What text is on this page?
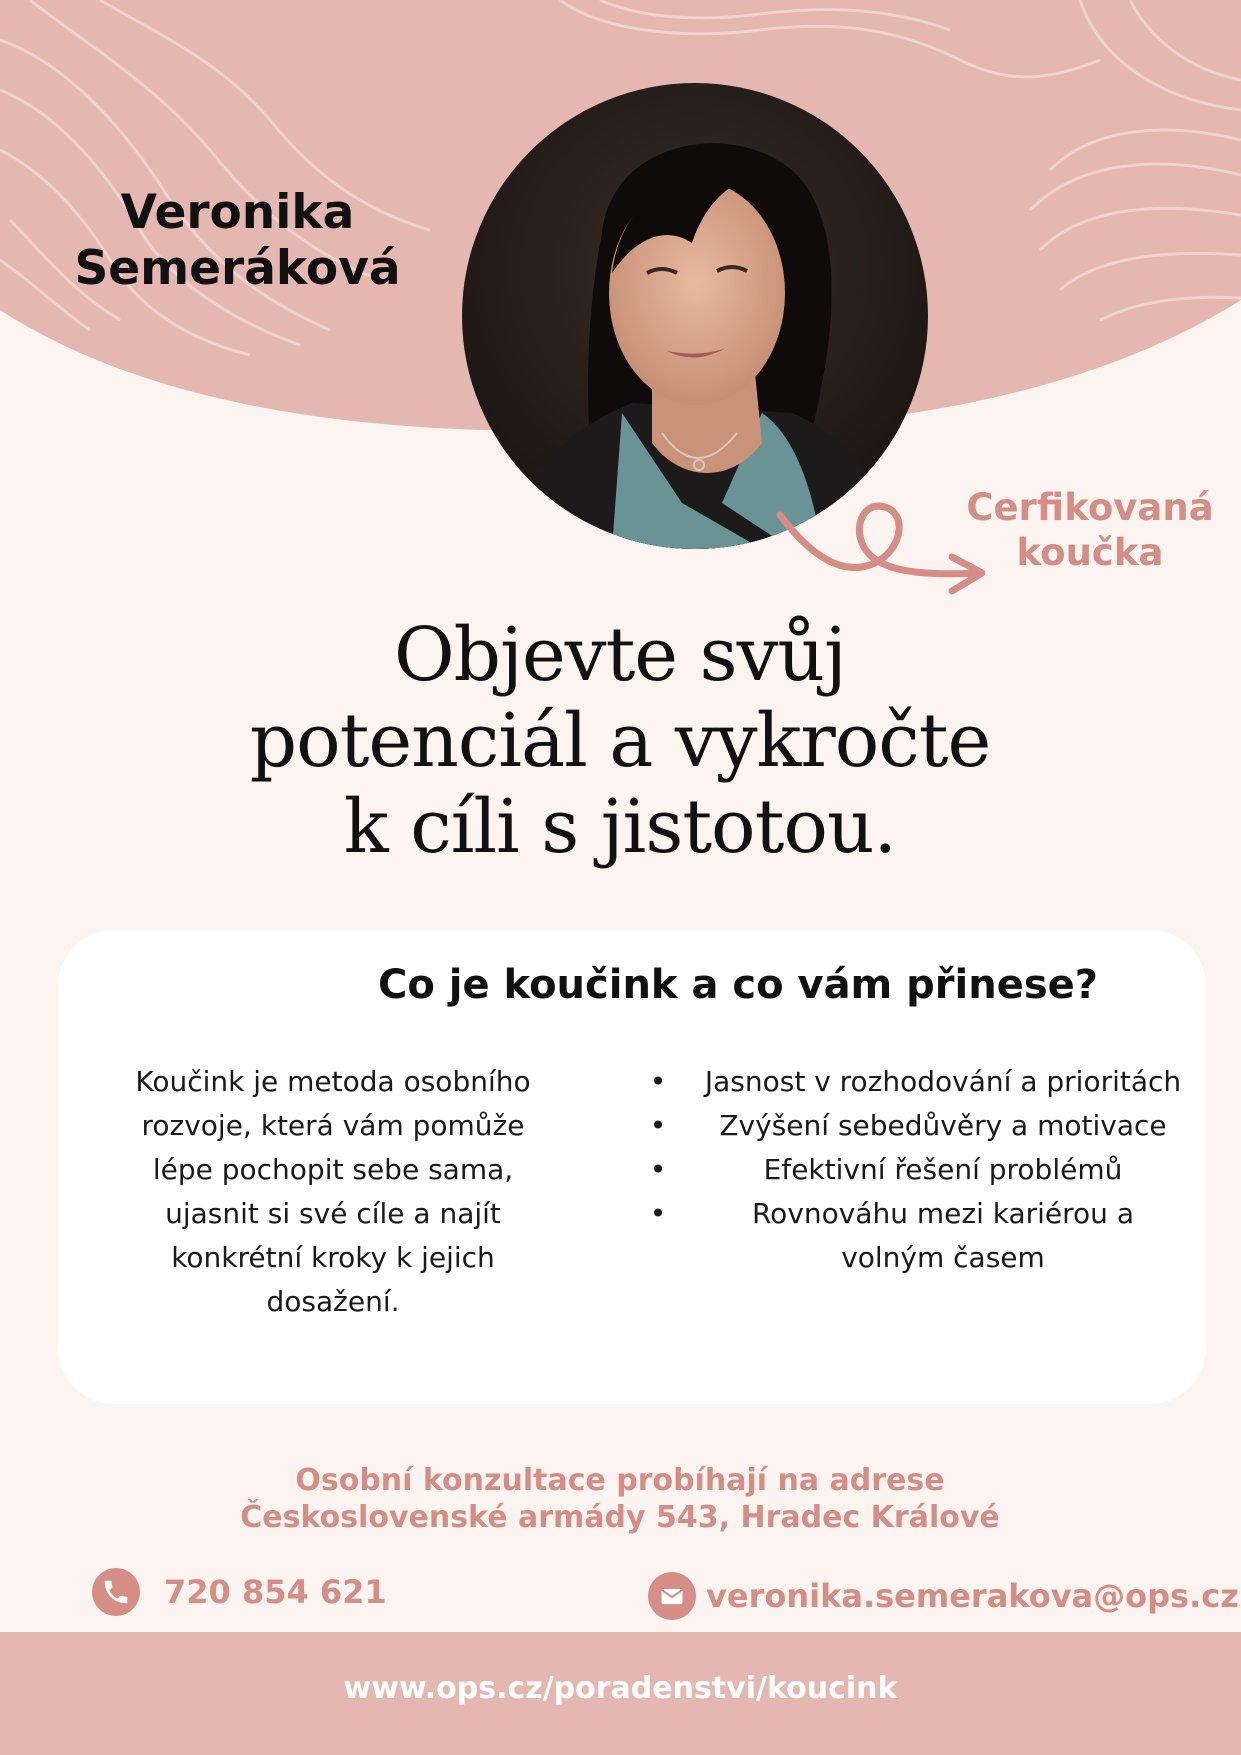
Veronika
Semeráková
Cerfikovaná
koučka
Objevte svůj
potenciál a vykročte
k cíli s jistotou.
Co je koučink a co vám přinese?
Koučink je metoda osobního rozvoje, která vám pomůže lépe pochopit sebe sama, ujasnit si své cíle a najít konkrétní kroky k jejich dosažení.
• Jasnost v rozhodování a prioritách
• Zvýšení sebedůvěry a motivace
•	Efektivní řešení problémů
•	Rovnováhu mezi kariérou a volným časem
Osobní konzultace probíhají na adrese
Československé armády 543, Hradec Králové
720 854 621	veronika.semerakova@ops.cz
www.ops.cz/poradenstvi/koucink
